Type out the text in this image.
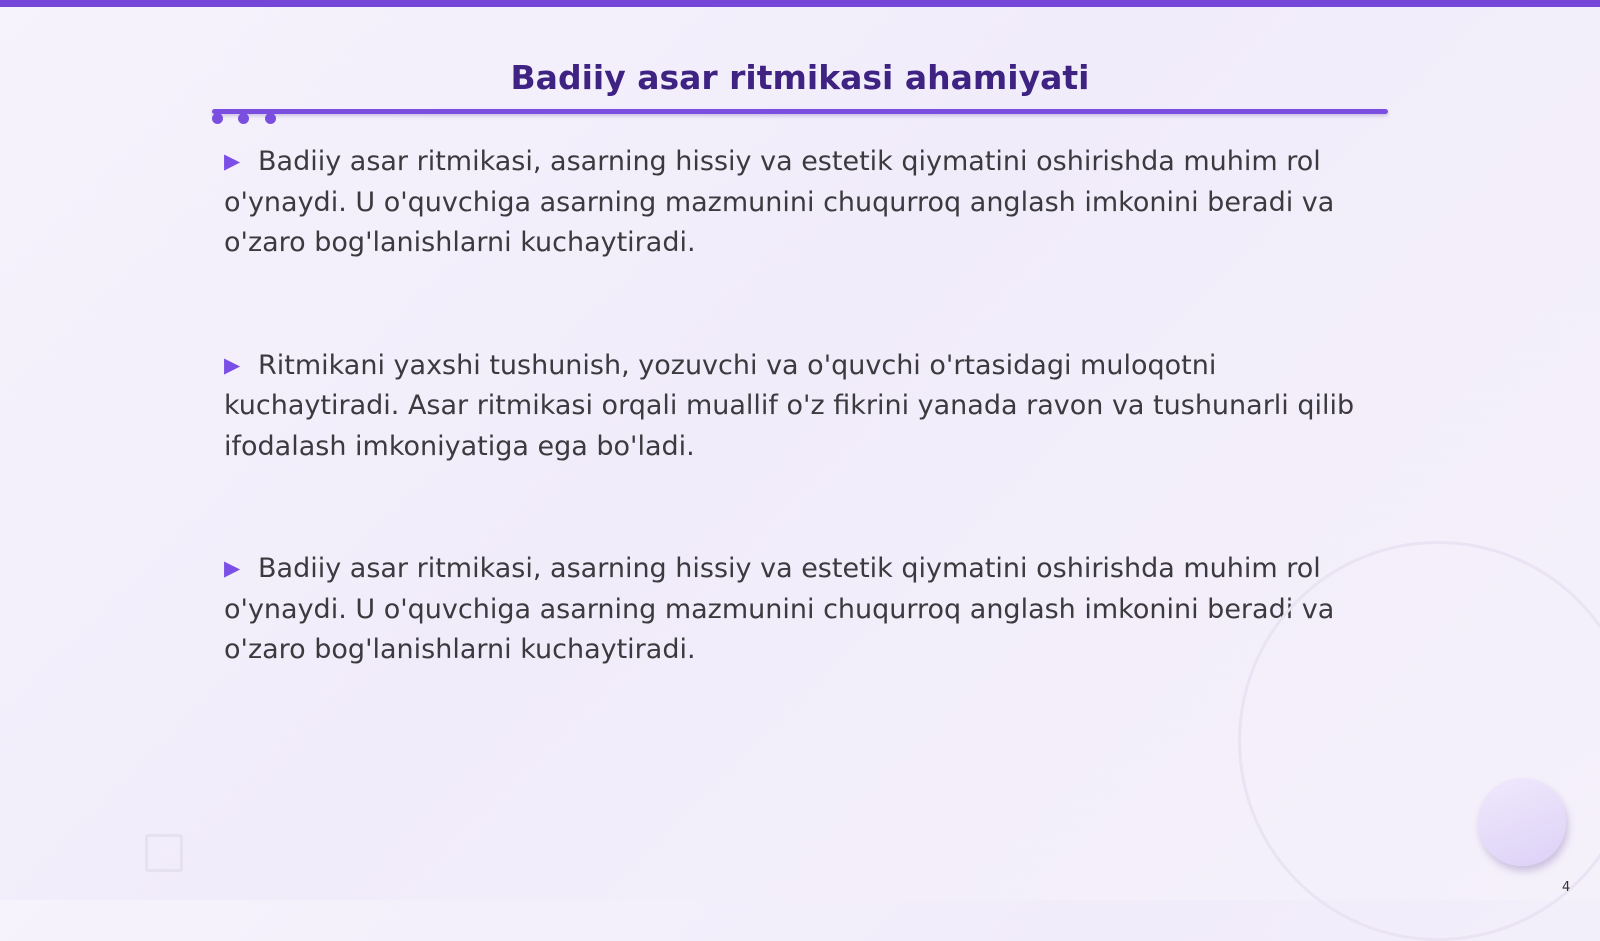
Badiiy asar ritmikasi ahamiyati

▶ Badiiy asar ritmikasi, asarning hissiy va estetik qiymatini oshirishda muhim rol o'ynaydi. U o'quvchiga asarning mazmunini chuqurroq anglash imkonini beradi va o'zaro bog'lanishlarni kuchaytiradi.

▶ Ritmikani yaxshi tushunish, yozuvchi va o'quvchi o'rtasidagi muloqotni kuchaytiradi. Asar ritmikasi orqali muallif o'z fikrini yanada ravon va tushunarli qilib ifodalash imkoniyatiga ega bo'ladi.

▶ Badiiy asar ritmikasi, asarning hissiy va estetik qiymatini oshirishda muhim rol o'ynaydi. U o'quvchiga asarning mazmunini chuqurroq anglash imkonini beradi va o'zaro bog'lanishlarni kuchaytiradi.

4
